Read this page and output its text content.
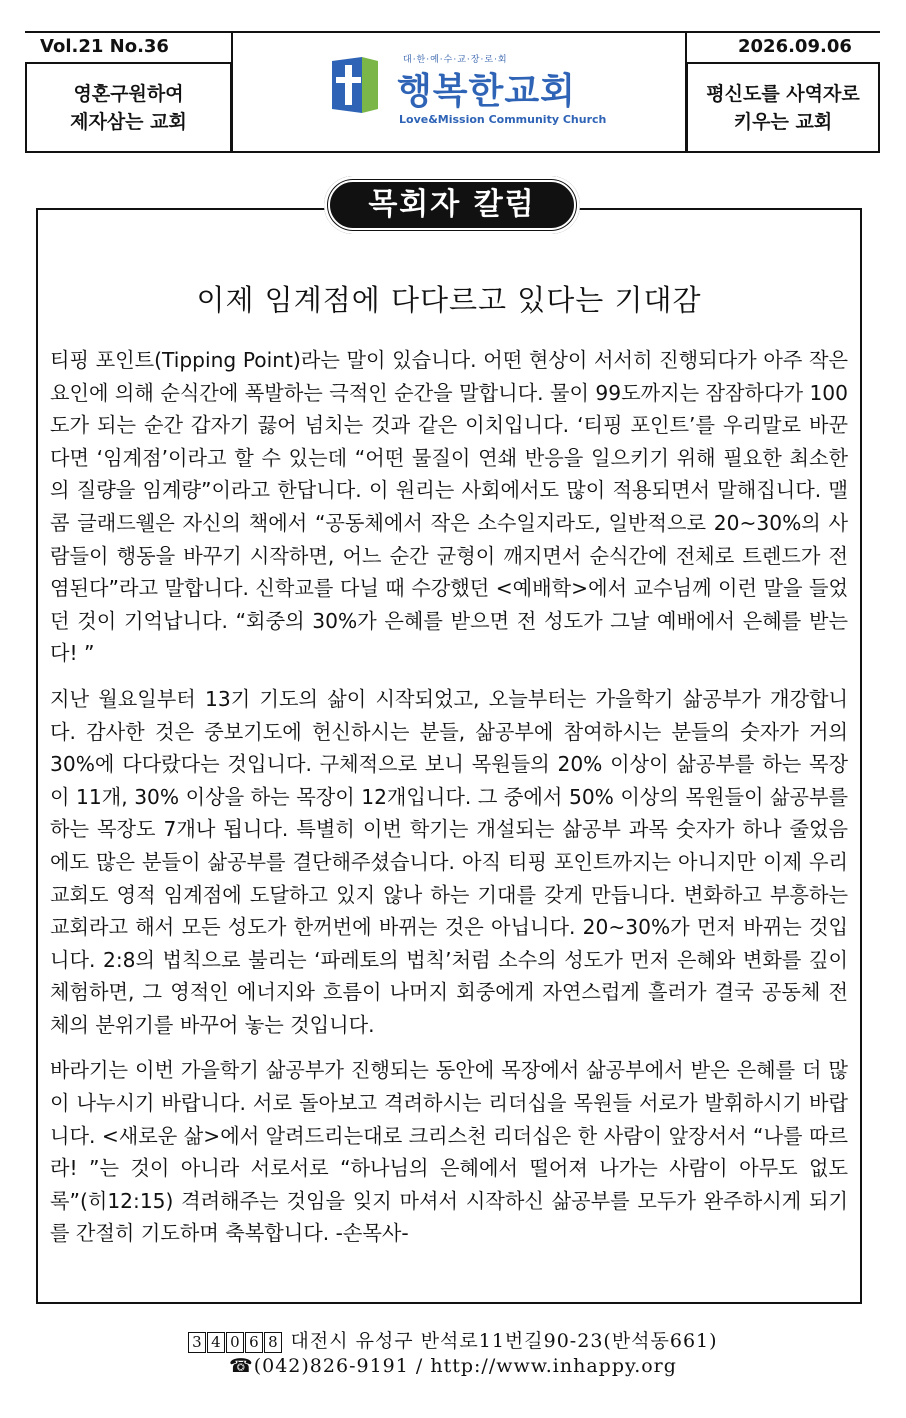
Vol.21 No.36	2026.09.06
영혼구원하여
제자삼는 교회
대·한·예·수·교·장·로·회
행복한교회
Love&Mission Community Church
평신도를 사역자로
키우는 교회
이제 임계점에 다다르고 있다는 기대감

티핑 포인트(Tipping Point)라는 말이 있습니다. 어떤 현상이 서서히 진행되다가 아주 작은 요인에 의해 순식간에 폭발하는 극적인 순간을 말합니다. 물이 99도까지는 잠잠하다가 100도가 되는 순간 갑자기 끓어 넘치는 것과 같은 이치입니다. ‘티핑 포인트’를 우리말로 바꾼다면 ‘임계점’이라고 할 수 있는데 “어떤 물질이 연쇄 반응을 일으키기 위해 필요한 최소한의 질량을 임계량”이라고 한답니다. 이 원리는 사회에서도 많이 적용되면서 말해집니다. 맬콤 글래드웰은 자신의 책에서 “공동체에서 작은 소수일지라도, 일반적으로 20~30%의 사람들이 행동을 바꾸기 시작하면, 어느 순간 균형이 깨지면서 순식간에 전체로 트렌드가 전염된다”라고 말합니다. 신학교를 다닐 때 수강했던 <예배학>에서 교수님께 이런 말을 들었던 것이 기억납니다. “회중의 30%가 은혜를 받으면 전 성도가 그날 예배에서 은혜를 받는다! ”

지난 월요일부터 13기 기도의 삶이 시작되었고, 오늘부터는 가을학기 삶공부가 개강합니다. 감사한 것은 중보기도에 헌신하시는 분들, 삶공부에 참여하시는 분들의 숫자가 거의 30%에 다다랐다는 것입니다. 구체적으로 보니 목원들의 20% 이상이 삶공부를 하는 목장이 11개, 30% 이상을 하는 목장이 12개입니다. 그 중에서 50% 이상의 목원들이 삶공부를 하는 목장도 7개나 됩니다. 특별히 이번 학기는 개설되는 삶공부 과목 숫자가 하나 줄었음에도 많은 분들이 삶공부를 결단해주셨습니다. 아직 티핑 포인트까지는 아니지만 이제 우리 교회도 영적 임계점에 도달하고 있지 않나 하는 기대를 갖게 만듭니다. 변화하고 부흥하는 교회라고 해서 모든 성도가 한꺼번에 바뀌는 것은 아닙니다. 20~30%가 먼저 바뀌는 것입니다. 2:8의 법칙으로 불리는 ‘파레토의 법칙’처럼 소수의 성도가 먼저 은혜와 변화를 깊이 체험하면, 그 영적인 에너지와 흐름이 나머지 회중에게 자연스럽게 흘러가 결국 공동체 전체의 분위기를 바꾸어 놓는 것입니다.

바라기는 이번 가을학기 삶공부가 진행되는 동안에 목장에서 삶공부에서 받은 은혜를 더 많이 나누시기 바랍니다. 서로 돌아보고 격려하시는 리더십을 목원들 서로가 발휘하시기 바랍니다. <새로운 삶>에서 알려드리는대로 크리스천 리더십은 한 사람이 앞장서서 “나를 따르라! ”는 것이 아니라 서로서로 “하나님의 은혜에서 떨어져 나가는 사람이 아무도 없도록”(히12:15) 격려해주는 것임을 잊지 마셔서 시작하신 삶공부를 모두가 완주하시게 되기를 간절히 기도하며 축복합니다. -손목사-

목회자 칼럼
3 4 0 6 8 대전시 유성구 반석로11번길90-23(반석동661)
☎(042)826-9191 / http://www.inhappy.org
